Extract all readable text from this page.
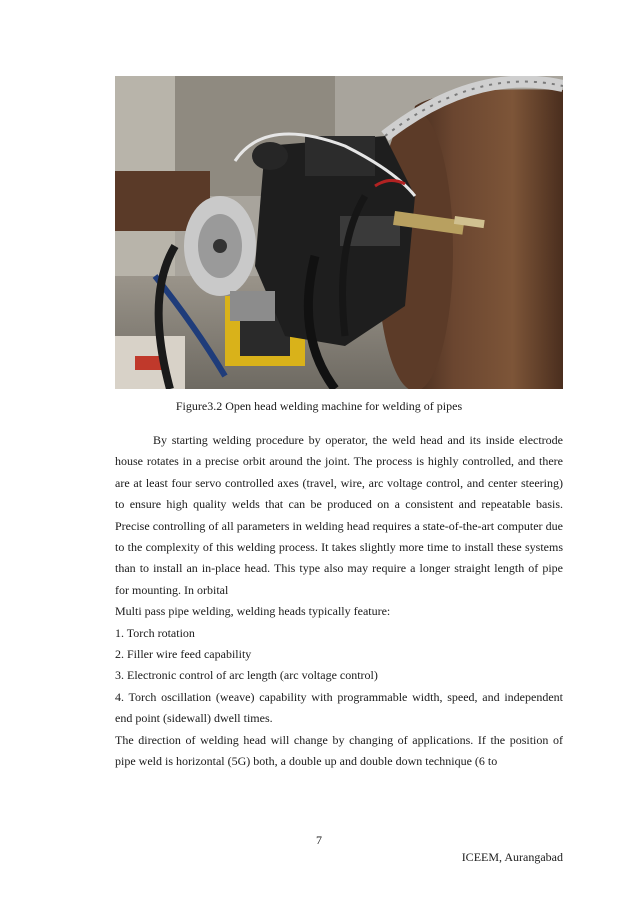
Figure3.2 Open head welding machine for welding of pipes

By starting welding procedure by operator, the weld head and its inside electrode house rotates in a precise orbit around the joint. The process is highly controlled, and there are at least four servo controlled axes (travel, wire, arc voltage control, and center steering) to ensure high quality welds that can be produced on a consistent and repeatable basis. Precise controlling of all parameters in welding head requires a state-of-the-art computer due to the complexity of this welding process. It takes slightly more time to install these systems than to install an in-place head. This type also may require a longer straight length of pipe for mounting. In orbital

Multi pass pipe welding, welding heads typically feature:

1. Torch rotation

2. Filler wire feed capability

3. Electronic control of arc length (arc voltage control)

4. Torch oscillation (weave) capability with programmable width, speed, and independent end point (sidewall) dwell times.

The direction of welding head will change by changing of applications. If the position of pipe weld is horizontal (5G) both, a double up and double down technique (6 to

7
ICEEM, Aurangabad
